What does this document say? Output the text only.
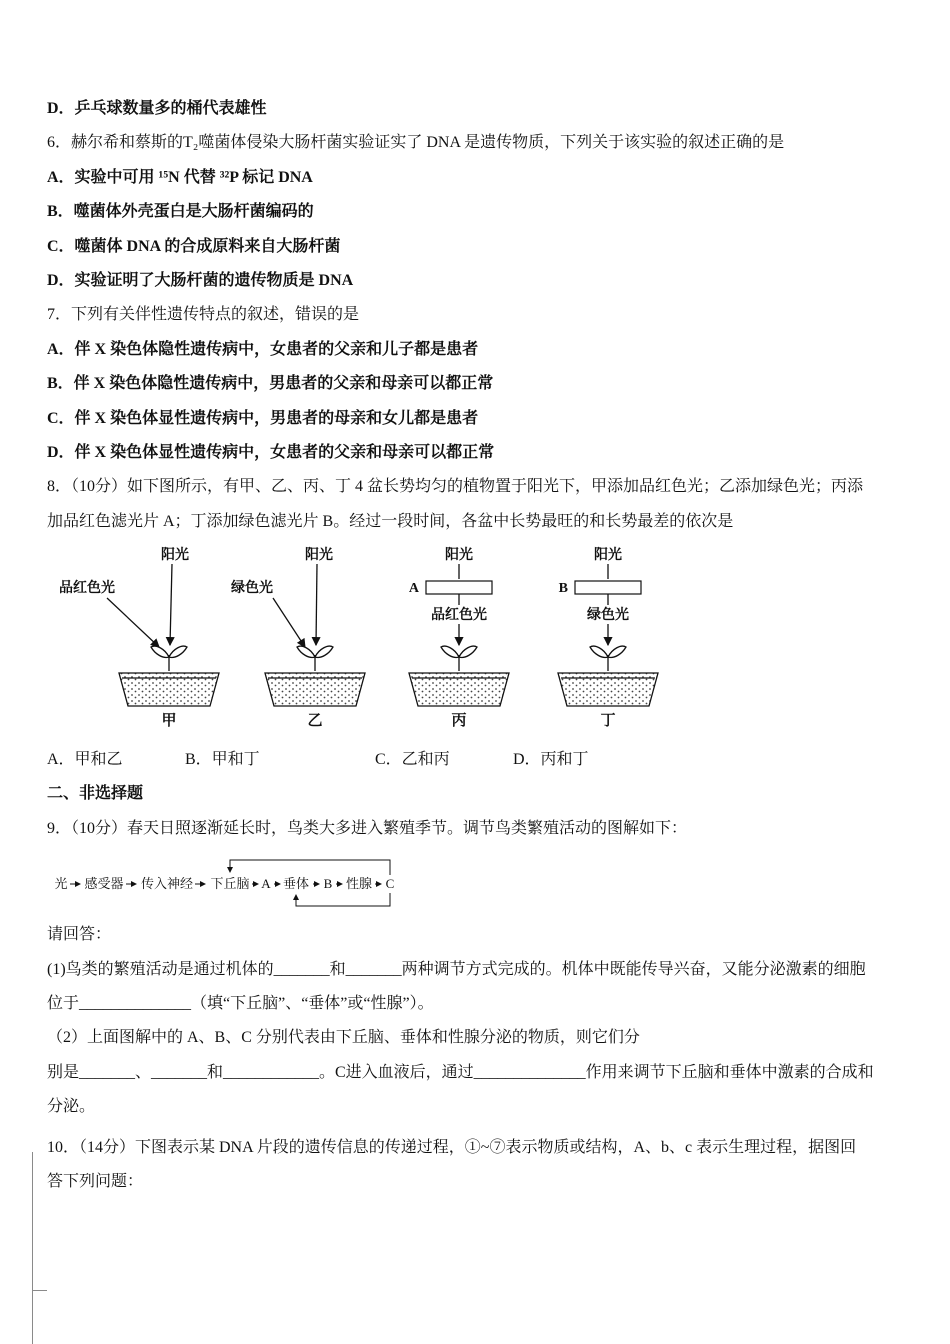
D．乒乓球数量多的桶代表雄性
6．赫尔希和蔡斯的T₂噬菌体侵染大肠杆菌实验证实了 DNA 是遗传物质，下列关于该实验的叙述正确的是
A．实验中可用 ¹⁵N 代替 ³²P 标记 DNA
B．噬菌体外壳蛋白是大肠杆菌编码的
C．噬菌体 DNA 的合成原料来自大肠杆菌
D．实验证明了大肠杆菌的遗传物质是 DNA
7．下列有关伴性遗传特点的叙述，错误的是
A．伴 X 染色体隐性遗传病中，女患者的父亲和儿子都是患者
B．伴 X 染色体隐性遗传病中，男患者的父亲和母亲可以都正常
C．伴 X 染色体显性遗传病中，男患者的母亲和女儿都是患者
D．伴 X 染色体显性遗传病中，女患者的父亲和母亲可以都正常
8．（10分）如下图所示，有甲、乙、丙、丁 4 盆长势均匀的植物置于阳光下，甲添加品红色光；乙添加绿色光；丙添
加品红色滤光片 A；丁添加绿色滤光片 B。经过一段时间，各盆中长势最旺的和长势最差的依次是
阳光
品红色光
甲
阳光
绿色光
乙
阳光
A
品红色光
丙
阳光
B
绿色光
丁
A．甲和乙	B．甲和丁	C．乙和丙	D．丙和丁
二、非选择题
9．（10分）春天日照逐渐延长时，鸟类大多进入繁殖季节。调节鸟类繁殖活动的图解如下：
光 感受器 传入神经 下丘脑 A 垂体 B 性腺 C
请回答：
(1)鸟类的繁殖活动是通过机体的_______和_______两种调节方式完成的。机体中既能传导兴奋，又能分泌激素的细胞
位于______________（填“下丘脑”、“垂体”或“性腺”）。
（2）上面图解中的 A、B、C 分别代表由下丘脑、垂体和性腺分泌的物质，则它们分
别是_______、_______和____________。C进入血液后，通过______________作用来调节下丘脑和垂体中激素的合成和
分泌。
10．（14分）下图表示某 DNA 片段的遗传信息的传递过程，①~⑦表示物质或结构，A、b、c 表示生理过程，据图回
答下列问题：
